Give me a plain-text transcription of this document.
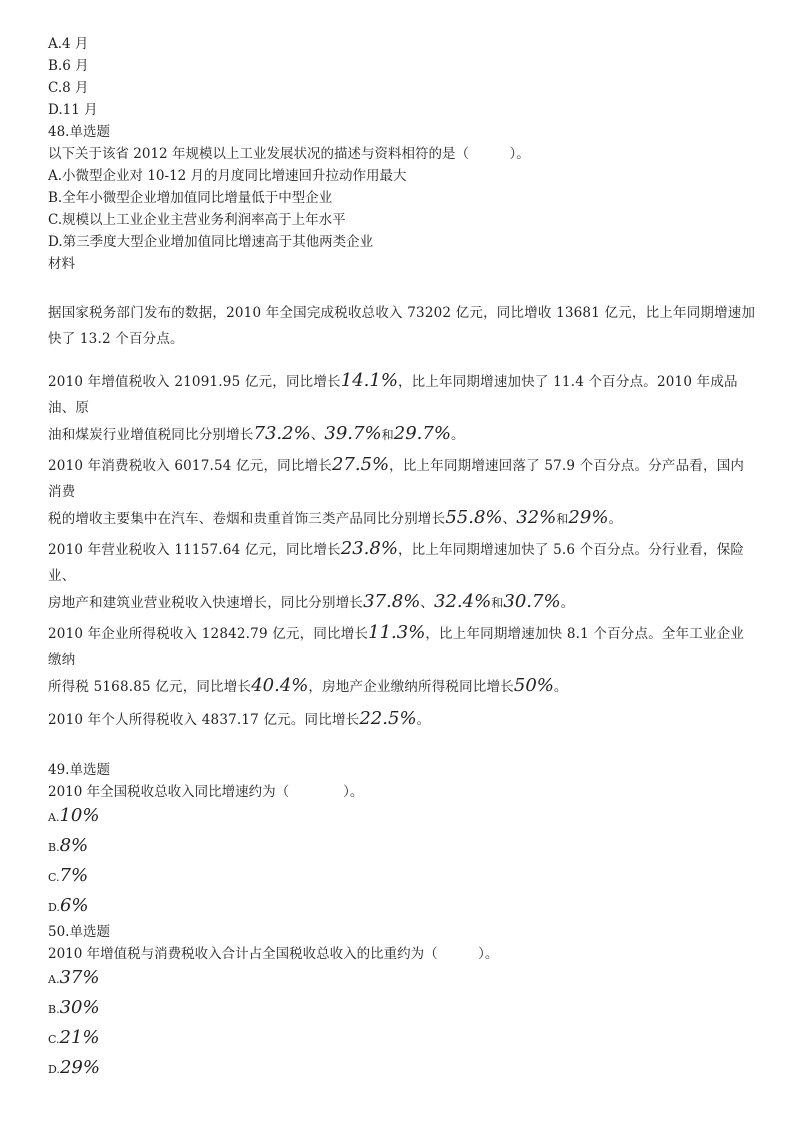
A.4 月
B.6 月
C.8 月
D.11 月
48.单选题
以下关于该省 2012 年规模以上工业发展状况的描述与资料相符的是（　　　）。
A.小微型企业对 10-12 月的月度同比增速回升拉动作用最大
B.全年小微型企业增加值同比增量低于中型企业
C.规模以上工业企业主营业务利润率高于上年水平
D.第三季度大型企业增加值同比增速高于其他两类企业
材料
据国家税务部门发布的数据，2010 年全国完成税收总收入 73202 亿元，同比增收 13681 亿元，比上年同期增速加
快了 13.2 个百分点。
2010 年增值税收入 21091.95 亿元，同比增长14.1%，比上年同期增速加快了 11.4 个百分点。2010 年成品油、原
油和煤炭行业增值税同比分别增长73.2%、39.7%和29.7%。
2010 年消费税收入 6017.54 亿元，同比增长27.5%，比上年同期增速回落了 57.9 个百分点。分产品看，国内消费
税的增收主要集中在汽车、卷烟和贵重首饰三类产品同比分别增长55.8%、32%和29%。
2010 年营业税收入 11157.64 亿元，同比增长23.8%，比上年同期增速加快了 5.6 个百分点。分行业看，保险业、
房地产和建筑业营业税收入快速增长，同比分别增长37.8%、32.4%和30.7%。
2010 年企业所得税收入 12842.79 亿元，同比增长11.3%，比上年同期增速加快 8.1 个百分点。全年工业企业缴纳
所得税 5168.85 亿元，同比增长40.4%，房地产企业缴纳所得税同比增长50%。
2010 年个人所得税收入 4837.17 亿元。同比增长22.5%。
49.单选题
2010 年全国税收总收入同比增速约为（　　　　）。
A.10%
B.8%
C.7%
D.6%
50.单选题
2010 年增值税与消费税收入合计占全国税收总收入的比重约为（　　　）。
A.37%
B.30%
C.21%
D.29%
